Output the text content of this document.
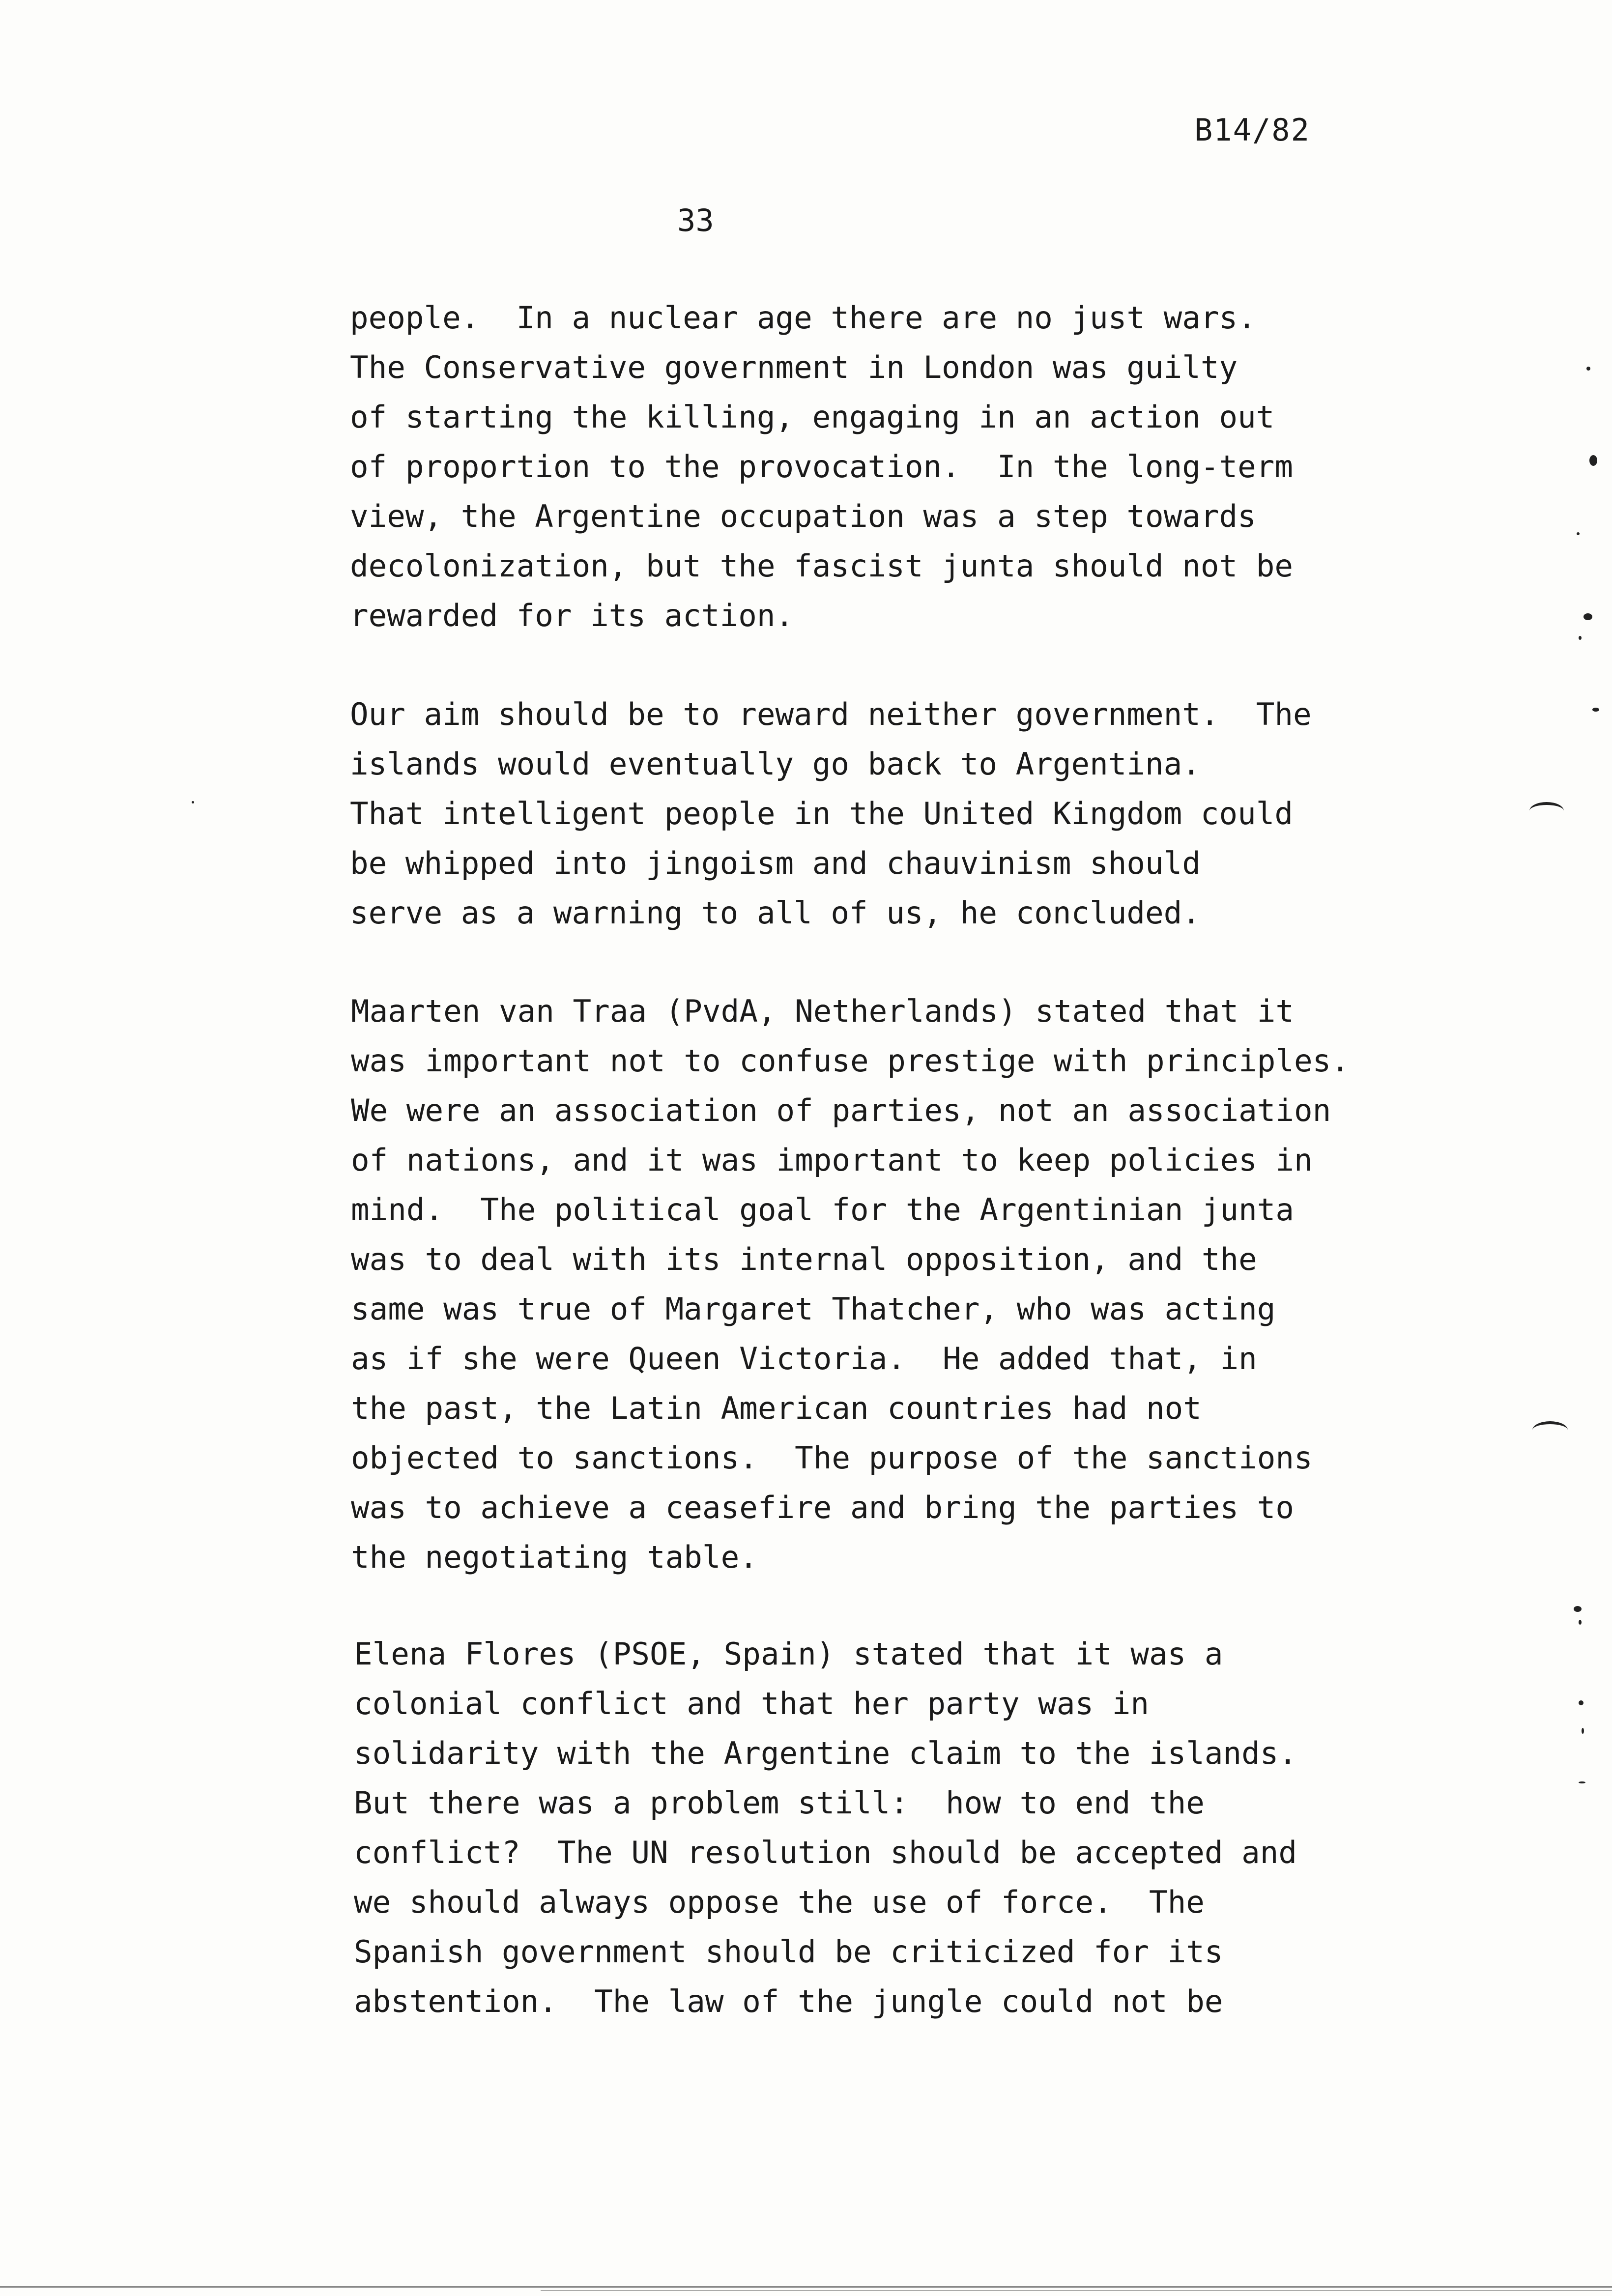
B14/82
33
people.  In a nuclear age there are no just wars.
The Conservative government in London was guilty
of starting the killing, engaging in an action out
of proportion to the provocation.  In the long-term
view, the Argentine occupation was a step towards
decolonization, but the fascist junta should not be
rewarded for its action.
Our aim should be to reward neither government.  The
islands would eventually go back to Argentina.
That intelligent people in the United Kingdom could
be whipped into jingoism and chauvinism should
serve as a warning to all of us, he concluded.
Maarten van Traa (PvdA, Netherlands) stated that it
was important not to confuse prestige with principles.
We were an association of parties, not an association
of nations, and it was important to keep policies in
mind.  The political goal for the Argentinian junta
was to deal with its internal opposition, and the
same was true of Margaret Thatcher, who was acting
as if she were Queen Victoria.  He added that, in
the past, the Latin American countries had not
objected to sanctions.  The purpose of the sanctions
was to achieve a ceasefire and bring the parties to
the negotiating table.
Elena Flores (PSOE, Spain) stated that it was a
colonial conflict and that her party was in
solidarity with the Argentine claim to the islands.
But there was a problem still:  how to end the
conflict?  The UN resolution should be accepted and
we should always oppose the use of force.  The
Spanish government should be criticized for its
abstention.  The law of the jungle could not be
